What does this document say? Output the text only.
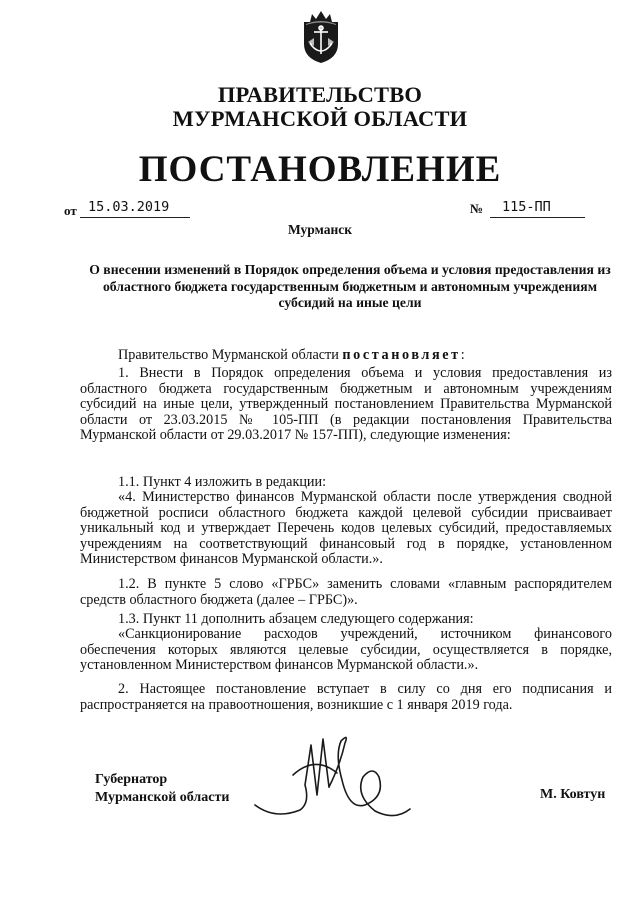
ПРАВИТЕЛЬСТВО
МУРМАНСКОЙ ОБЛАСТИ
ПОСТАНОВЛЕНИЕ
от 15.03.2019	№	115-ПП
Мурманск
О внесении изменений в Порядок определения объема и условия предоставления из областного бюджета государственным бюджетным и автономным учреждениям субсидий на иные цели
Правительство Мурманской области постановляет:
1. Внести в Порядок определения объема и условия предоставления из областного бюджета государственным бюджетным и автономным учреждениям субсидий на иные цели, утвержденный постановлением Правительства Мурманской области от 23.03.2015 № 105-ПП (в редакции постановления Правительства Мурманской области от 29.03.2017 № 157-ПП), следующие изменения:
1.1. Пункт 4 изложить в редакции:
«4. Министерство финансов Мурманской области после утверждения сводной бюджетной росписи областного бюджета каждой целевой субсидии присваивает уникальный код и утверждает Перечень кодов целевых субсидий, предоставляемых учреждениям на соответствующий финансовый год в порядке, установленном Министерством финансов Мурманской области.».
1.2. В пункте 5 слово «ГРБС» заменить словами «главным распорядителем средств областного бюджета (далее – ГРБС)».
1.3. Пункт 11 дополнить абзацем следующего содержания:
«Санкционирование расходов учреждений, источником финансового обеспечения которых являются целевые субсидии, осуществляется в порядке, установленном Министерством финансов Мурманской области.».
2. Настоящее постановление вступает в силу со дня его подписания и распространяется на правоотношения, возникшие с 1 января 2019 года.
Губернатор
Мурманской области	М. Ковтун
